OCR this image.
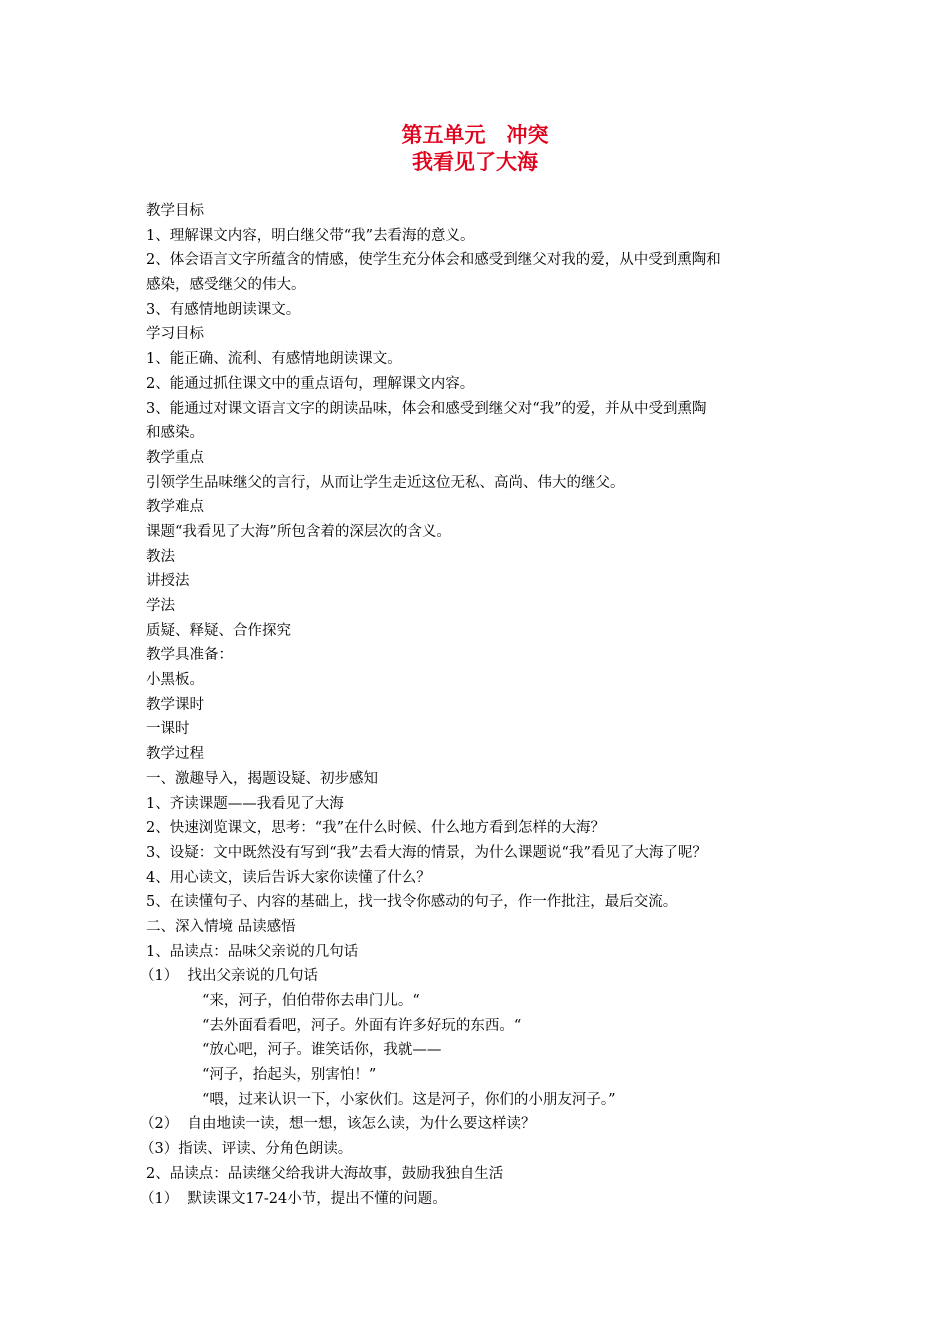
第五单元　冲突
我看见了大海
教学目标
1、理解课文内容，明白继父带“我”去看海的意义。
2、体会语言文字所蕴含的情感，使学生充分体会和感受到继父对我的爱，从中受到熏陶和
感染，感受继父的伟大。
3、有感情地朗读课文。
学习目标
1、能正确、流利、有感情地朗读课文。
2、能通过抓住课文中的重点语句，理解课文内容。
3、能通过对课文语言文字的朗读品味，体会和感受到继父对“我”的爱，并从中受到熏陶
和感染。
教学重点
引领学生品味继父的言行，从而让学生走近这位无私、高尚、伟大的继父。
教学难点
课题“我看见了大海”所包含着的深层次的含义。
教法
讲授法
学法
质疑、释疑、合作探究
教学具准备：
小黑板。
教学课时
一课时
教学过程
一、激趣导入，揭题设疑、初步感知
1、齐读课题——我看见了大海
2、快速浏览课文，思考：“我”在什么时候、什么地方看到怎样的大海？
3、设疑：文中既然没有写到“我”去看大海的情景，为什么课题说“我”看见了大海了呢？
4、用心读文，读后告诉大家你读懂了什么？
5、在读懂句子、内容的基础上，找一找令你感动的句子，作一作批注，最后交流。
二、深入情境 品读感悟
1、品读点：品味父亲说的几句话
（1）  找出父亲说的几句话
“来，河子，伯伯带你去串门儿。“
“去外面看看吧，河子。外面有许多好玩的东西。“
“放心吧，河子。谁笑话你，我就——
“河子，抬起头，别害怕！”
“喂，过来认识一下，小家伙们。这是河子，你们的小朋友河子。”
（2）  自由地读一读，想一想，该怎么读，为什么要这样读？
（3）指读、评读、分角色朗读。
2、品读点：品读继父给我讲大海故事，鼓励我独自生活
（1）  默读课文17-24小节，提出不懂的问题。
